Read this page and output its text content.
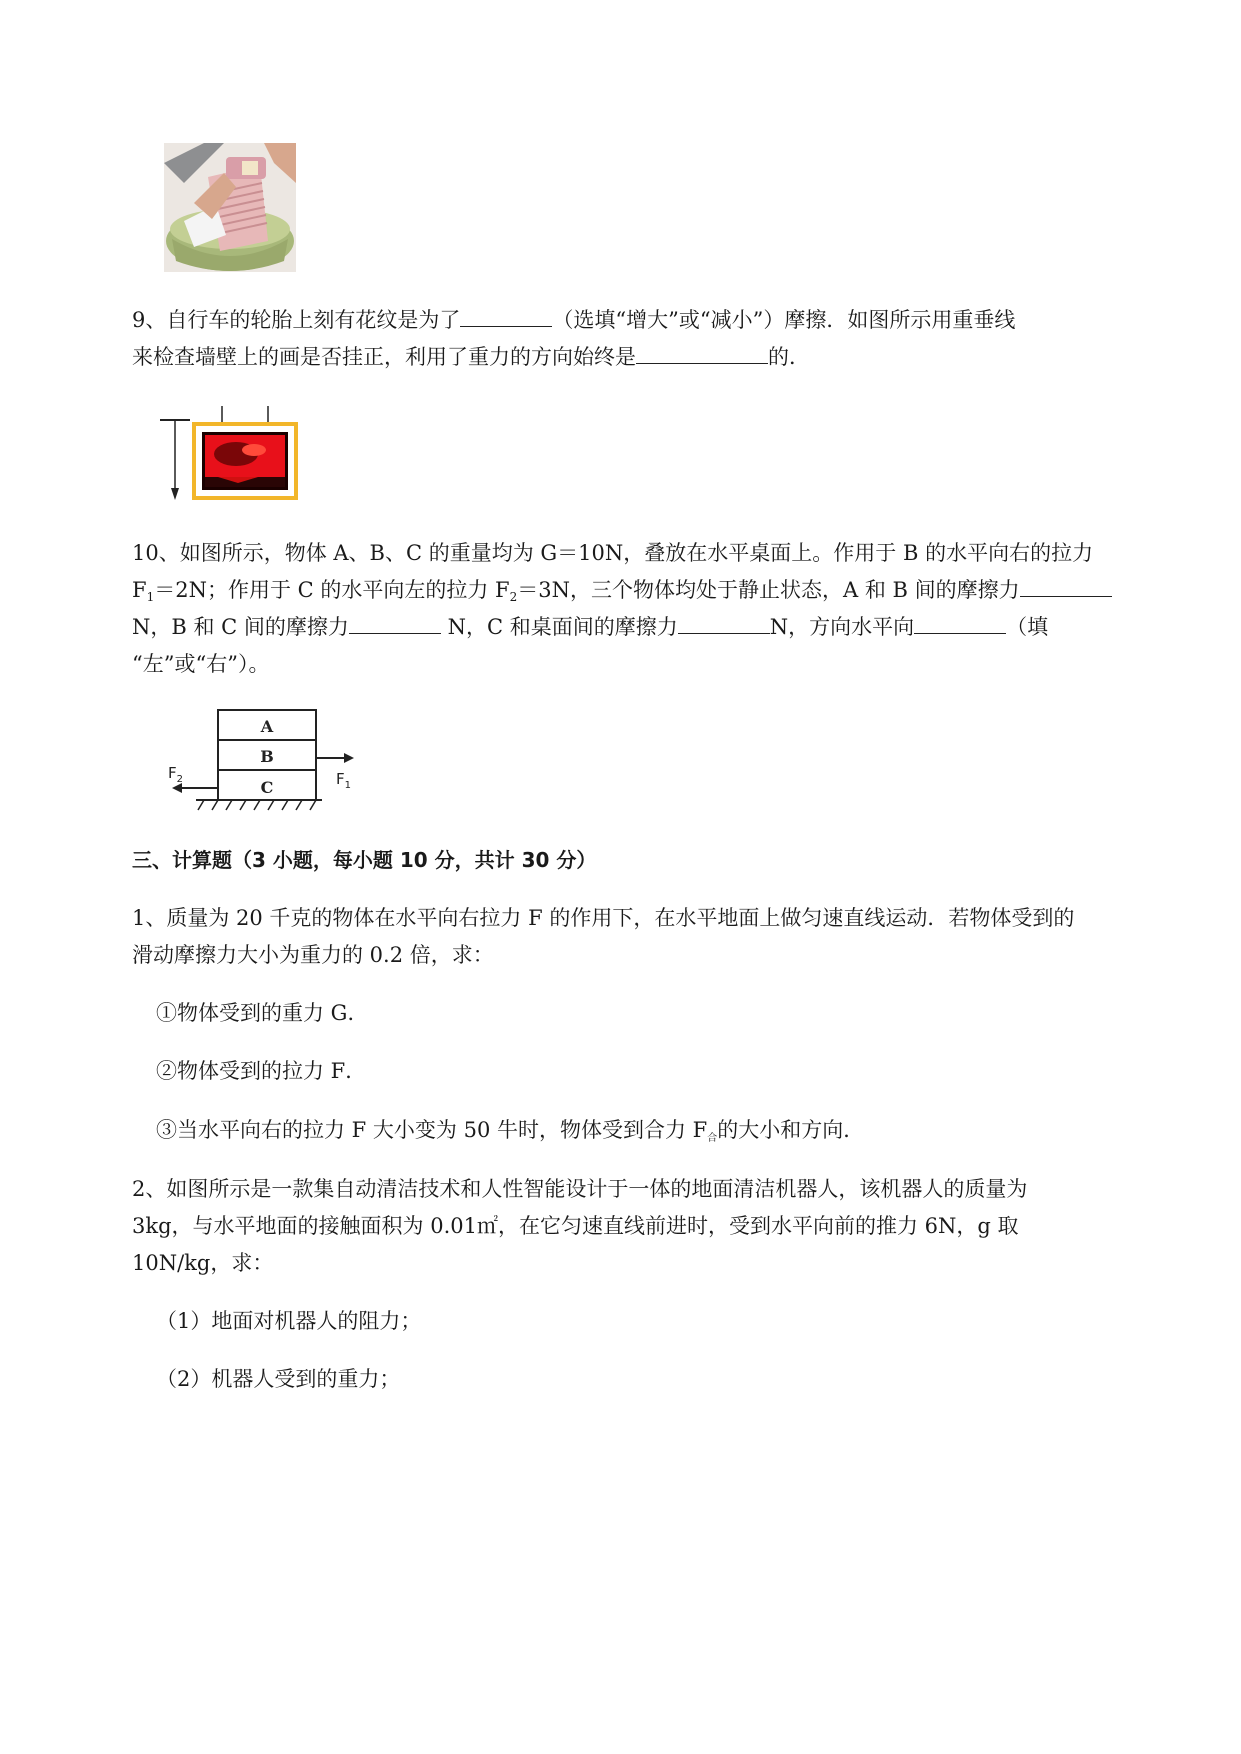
9、自行车的轮胎上刻有花纹是为了	（选填“增大”或“减小”）摩擦．如图所示用重垂线
来检查墙壁上的画是否挂正，利用了重力的方向始终是	的．
10、如图所示，物体 A、B、C 的重量均为 G＝10N，叠放在水平桌面上。作用于 B 的水平向右的拉力
$F_1=2N$；作用于 C 的水平向左的拉力 $F_2=3N$，三个物体均处于静止状态，A 和 B 间的摩擦力
N，B 和 C 间的摩擦力	N，C 和桌面间的摩擦力	N，方向水平向	（填
“左”或“右”）。
A
B
C	$F_1$
$F_2$
三、计算题（3 小题，每小题 10 分，共计 30 分）
1、质量为 20 千克的物体在水平向右拉力 F 的作用下，在水平地面上做匀速直线运动．若物体受到的
滑动摩擦力大小为重力的 0.2 倍，求：
①物体受到的重力 G．
②物体受到的拉力 F．
③当水平向右的拉力 F 大小变为 50 牛时，物体受到合力 $F_合$的大小和方向．
2、如图所示是一款集自动清洁技术和人性智能设计于一体的地面清洁机器人，该机器人的质量为
3kg，与水平地面的接触面积为 0.01㎡，在它匀速直线前进时，受到水平向前的推力 6N，g 取
10N/kg，求：
（1）地面对机器人的阻力；
（2）机器人受到的重力；
